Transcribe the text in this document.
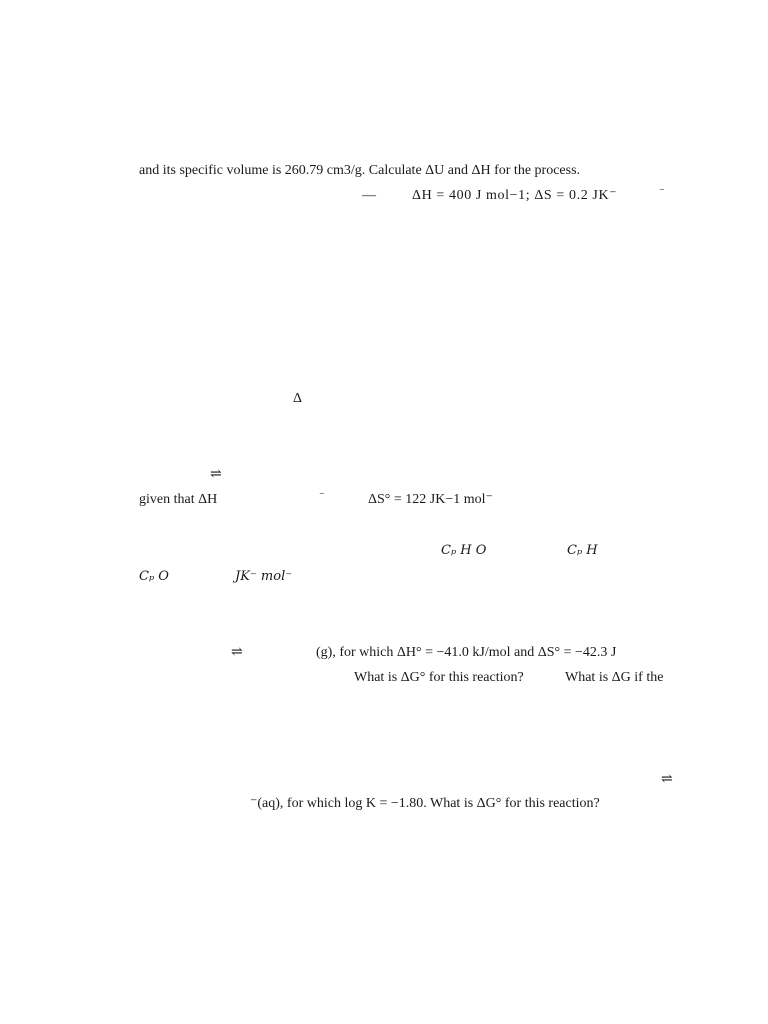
and its specific volume is 260.79 cm3/g. Calculate ΔU and ΔH for the process.
—	ΔH = 400 J mol−1; ΔS = 0.2 JK⁻	⁻
Δ
⇌
given that ΔH	⁻	ΔS° = 122 JK−1 mol⁻
Cₚ H O	Cₚ H
Cₚ O	JK⁻ mol⁻
⇌	(g), for which ΔH° = −41.0 kJ/mol and ΔS° = −42.3 J
What is ΔG° for this reaction?	What is ΔG if the
⇌
⁻(aq), for which log K = −1.80. What is ΔG° for this reaction?
